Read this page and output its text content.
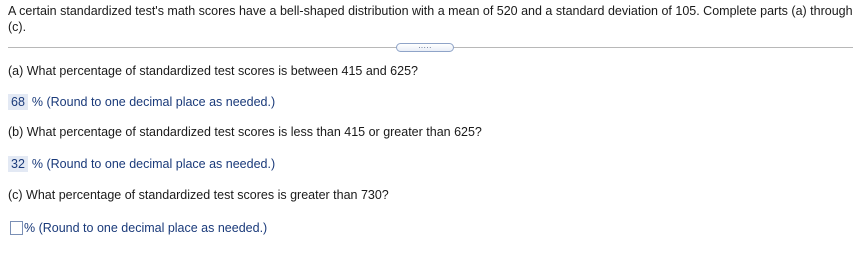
A certain standardized test's math scores have a bell-shaped distribution with a mean of 520 and a standard deviation of 105. Complete parts (a) through (c).
.....
(a) What percentage of standardized test scores is between 415 and 625?
68 % (Round to one decimal place as needed.)
(b) What percentage of standardized test scores is less than 415 or greater than 625?
32 % (Round to one decimal place as needed.)
(c) What percentage of standardized test scores is greater than 730?
% (Round to one decimal place as needed.)
